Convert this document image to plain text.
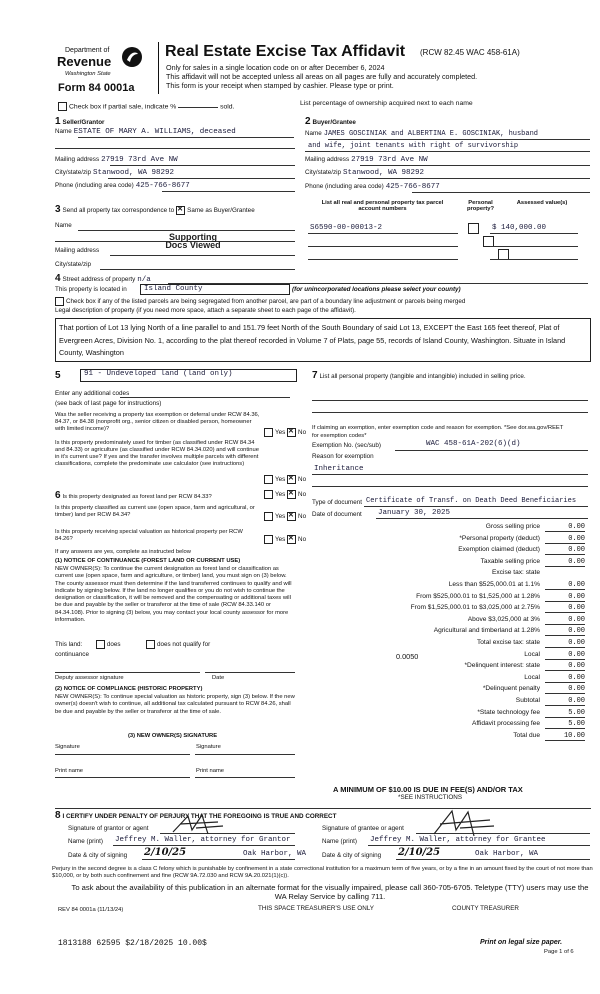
Department of
Revenue
Washington State
Form 84 0001a
Real Estate Excise Tax Affidavit (RCW 82.45 WAC 458-61A)
Only for sales in a single location code on or after December 6, 2024
This affidavit will not be accepted unless all areas on all pages are fully and accurately completed.
This form is your receipt when stamped by cashier. Please type or print.
Check box if partial sale, indicate %	sold.	List percentage of ownership acquired next to each name
1 Seller/Grantor
Name ESTATE OF MARY A. WILLIAMS, deceased
Mailing address 27919 73rd Ave NW
City/state/zip Stanwood, WA 98292
Phone (including area code) 425-766-8677
2 Buyer/Grantee
Name JAMES GOSCINIAK and ALBERTINA E. GOSCINIAK, husband
and wife, joint tenants with right of survivorship
Mailing address 27919 73rd Ave NW
City/state/zip Stanwood, WA 98292
Phone (including area code) 425-766-8677
3 Send all property tax correspondence to ✕ Same as Buyer/Grantee
Name
Supporting Docs Viewed
Mailing address
City/state/zip
List all real and personal property tax parcel account numbers
Personal property?
Assessed value(s)
S6590-00-00013-2
	$ 140,000.00
4 Street address of property n/a
This property is located in	Island County	(for unincorporated locations please select your county)
Check box if any of the listed parcels are being segregated from another parcel, are part of a boundary line adjustment or parcels being merged
Legal description of property (if you need more space, attach a separate sheet to each page of the affidavit).
That portion of Lot 13 lying North of a line parallel to and 151.79 feet North of the South Boundary of said Lot 13, EXCEPT the East 165 feet thereof, Plat of Evergreen Acres, Division No. 1, according to the plat thereof recorded in Volume 7 of Plats, page 55, records of Island County, Washington. Situate in Island County, Washington
5	91 - Undeveloped land (land only)
Enter any additional codes
(see back of last page for instructions)
Was the seller receiving a property tax exemption or deferral under RCW 84.36, 84.37, or 84.38 (nonprofit org., senior citizen or disabled person, homeowner with limited income)?
Yes ✕ No
Is this property predominately used for timber (as classified under RCW 84.34 and 84.33) or agriculture (as classified under RCW 84.34.020) and will continue in it's current use? If yes and the transfer involves multiple parcels with different classifications, complete the predominate use calculator (see instructions)
Yes ✕ No
6 Is this property designated as forest land per RCW 84.33?	Yes ✕ No
Is this property classified as current use (open space, farm and agricultural, or timber) land per RCW 84.34?	Yes ✕ No
Is this property receiving special valuation as historical property per RCW 84.26?	Yes ✕ No
If any answers are yes, complete as instructed below
(1) NOTICE OF CONTINUANCE (FOREST LAND OR CURRENT USE)
NEW OWNER(S): To continue the current designation as forest land or classification as current use (open space, farm and agriculture, or timber) land, you must sign on (3) below. The county assessor must then determine if the land transferred continues to qualify and will indicate by signing below. If the land no longer qualifies or you do not wish to continue the designation or classification, it will be removed and the compensating or additional taxes will be due and payable by the seller or transferor at the time of sale (RCW 84.33.140 or 84.34.108). Prior to signing (3) below, you may contact your local county assessor for more information.
This land:	does	does not qualify for
continuance
Deputy assessor signature	Date
(2) NOTICE OF COMPLIANCE (HISTORIC PROPERTY)
NEW OWNER(S): To continue special valuation as historic property, sign (3) below. If the new owner(s) doesn't wish to continue, all additional tax calculated pursuant to RCW 84.26, shall be due and payable by the seller or transferor at the time of sale.
(3) NEW OWNER(S) SIGNATURE
Signature	Signature
Print name	Print name
7 List all personal property (tangible and intangible) included in selling price.
If claiming an exemption, enter exemption code and reason for exemption. *See dor.wa.gov/REET for exemption codes*
Exemption No. (sec/sub)	WAC 458-61A-202(6)(d)
Reason for exemption
Inheritance
Type of document Certificate of Transf. on Death Deed Beneficiaries
Date of document January 30, 2025
Gross selling price	0.00
*Personal property (deduct)	0.00
Exemption claimed (deduct)	0.00
Taxable selling price	0.00
Excise tax: state
Less than $525,000.01 at 1.1%	0.00
From $525,000.01 to $1,525,000 at 1.28%	0.00
From $1,525,000.01 to $3,025,000 at 2.75%	0.00
Above $3,025,000 at 3%	0.00
Agricultural and timberland at 1.28%	0.00
Total excise tax: state	0.00
Local	0.00
*Delinquent interest: state	0.00
Local	0.00
*Delinquent penalty	0.00
Subtotal	0.00
*State technology fee	5.00
Affidavit processing fee	5.00
Total due	10.00
0.0050
A MINIMUM OF $10.00 IS DUE IN FEE(S) AND/OR TAX
*SEE INSTRUCTIONS
8 I CERTIFY UNDER PENALTY OF PERJURY THAT THE FOREGOING IS TRUE AND CORRECT
Signature of grantor or agent
Name (print) Jeffrey M. Waller, attorney for Grantor
Date & city of signing 2/10/25	Oak Harbor, WA
Signature of grantee or agent
Name (print) Jeffrey M. Waller, attorney for Grantee
Date & city of signing 2/10/25	Oak Harbor, WA
Perjury in the second degree is a class C felony which is punishable by confinement in a state correctional institution for a maximum term of five years, or by a fine in an amount fixed by the court of not more than $10,000, or by both such confinement and fine (RCW 9A.72.030 and RCW 9A.20.021(1)(c)).
To ask about the availability of this publication in an alternate format for the visually impaired, please call 360-705-6705. Teletype (TTY) users may use the WA Relay Service by calling 711.
REV 84 0001a (11/13/24)	THIS SPACE TREASURER'S USE ONLY	COUNTY TREASURER
1813188 62595 $2/18/2025 10.00$	Print on legal size paper.
Page 1 of 6
